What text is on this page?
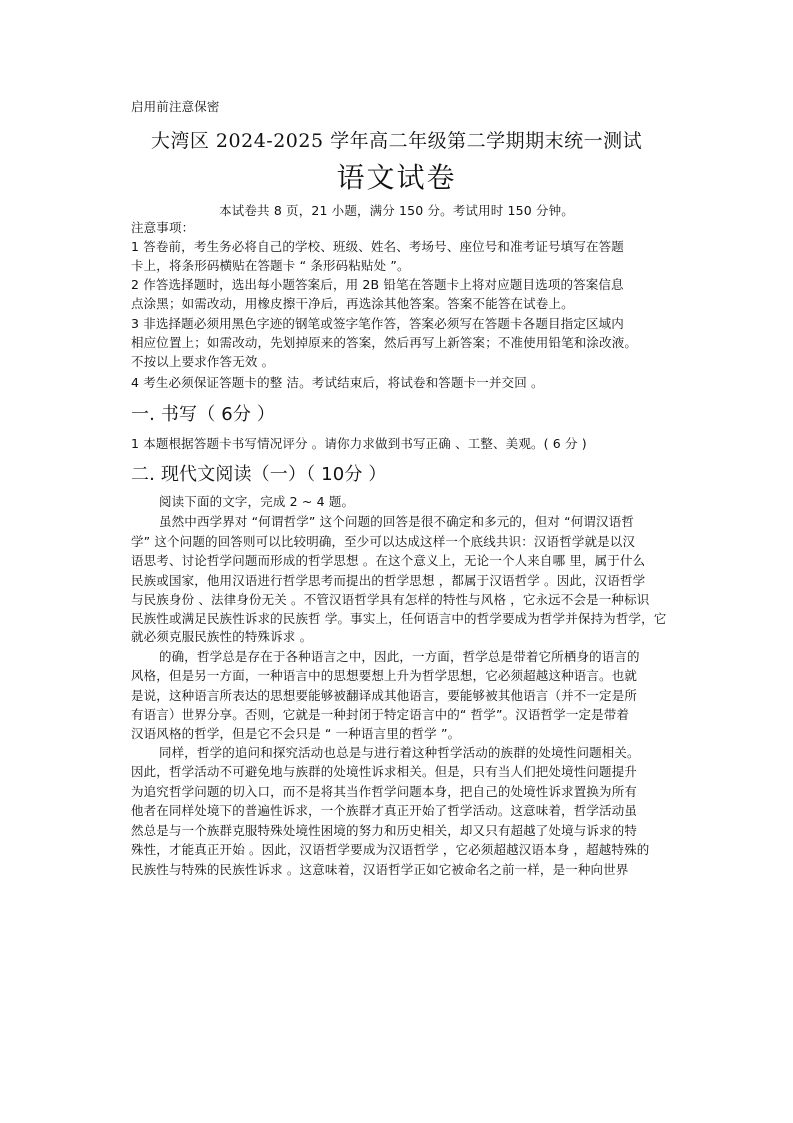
启用前注意保密
大湾区 2024-2025 学年高二年级第二学期期末统一测试
语文试卷
本试卷共 8 页，21 小题，满分 150 分。考试用时 150 分钟。
注意事项：
1 答卷前，考生务必将自己的学校、班级、姓名、考场号、座位号和准考证号填写在答题
卡上，将条形码横贴在答题卡 “ 条形码粘贴处 ”。
2 作答选择题时，选出每小题答案后，用 2B 铅笔在答题卡上将对应题目选项的答案信息
点涂黑；如需改动，用橡皮擦干净后，再选涂其他答案。答案不能答在试卷上。
3 非选择题必须用黑色字迹的钢笔或签字笔作答，答案必须写在答题卡各题目指定区域内
相应位置上；如需改动，先划掉原来的答案，然后再写上新答案；不准使用铅笔和涂改液。
不按以上要求作答无效 。
4 考生必须保证答题卡的整 洁。考试结束后，将试卷和答题卡一并交回 。
一. 书写（ 6分 ）
1 本题根据答题卡书写情况评分 。请你力求做到书写正确 、工整、美观。( 6 分 )
二. 现代文阅读（一）（ 10分 ）
阅读下面的文字，完成 2 ~ 4 题。
虽然中西学界对 “何谓哲学” 这个问题的回答是很不确定和多元的，但对 “何谓汉语哲
学” 这个问题的回答则可以比较明确，至少可以达成这样一个底线共识：汉语哲学就是以汉
语思考、讨论哲学问题而形成的哲学思想 。在这个意义上，无论一个人来自哪 里，属于什么
民族或国家，他用汉语进行哲学思考而提出的哲学思想 ，都属于汉语哲学 。因此，汉语哲学
与民族身份 、法律身份无关 。不管汉语哲学具有怎样的特性与风格 ，它永远不会是一种标识
民族性或满足民族性诉求的民族哲 学。事实上，任何语言中的哲学要成为哲学并保持为哲学，它
就必须克服民族性的特殊诉求 。
的确，哲学总是存在于各种语言之中，因此，一方面，哲学总是带着它所栖身的语言的
风格，但是另一方面，一种语言中的思想要想上升为哲学思想，它必须超越这种语言。也就
是说，这种语言所表达的思想要能够被翻译成其他语言，要能够被其他语言（并不一定是所
有语言）世界分享。否则，它就是一种封闭于特定语言中的“ 哲学”。汉语哲学一定是带着
汉语风格的哲学，但是它不会只是 “ 一种语言里的哲学 ”。
同样，哲学的追问和探究活动也总是与进行着这种哲学活动的族群的处境性问题相关。
因此，哲学活动不可避免地与族群的处境性诉求相关。但是，只有当人们把处境性问题提升
为追究哲学问题的切入口，而不是将其当作哲学问题本身，把自己的处境性诉求置换为所有
他者在同样处境下的普遍性诉求，一个族群才真正开始了哲学活动。这意味着，哲学活动虽
然总是与一个族群克服特殊处境性困境的努力和历史相关，却又只有超越了处境与诉求的特
殊性，才能真正开始 。因此，汉语哲学要成为汉语哲学 ，它必须超越汉语本身 ，超越特殊的
民族性与特殊的民族性诉求 。这意味着，汉语哲学正如它被命名之前一样，是一种向世界
